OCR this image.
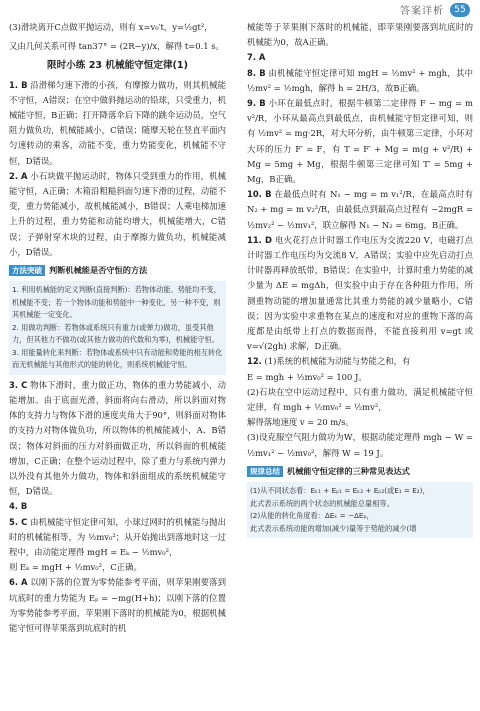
答案详析	55

(3)滑块离开C点做平抛运动，则有 x=v₀′t，y=½gt²，

又由几何关系可得 tan37° = (2R−y)/x，解得 t=0.1 s。

限时小练 23 机械能守恒定律(1)

1. B 沿滑梯匀速下滑的小孩，有摩擦力做功，则其机械能不守恒，A错误；在空中做斜抛运动的铅球，只受重力，机械能守恒，B正确；打开降落伞后下降的跳伞运动员，空气阻力做负功，机械能减小，C错误；随摩天轮在竖直平面内匀速转动的乘客，动能不变，重力势能变化，机械能不守恒，D错误。

2. A 小石块做平抛运动时，物体只受到重力的作用，机械能守恒，A正确；木箱沿粗糙斜面匀速下滑的过程，动能不变，重力势能减小，故机械能减小，B错误；人乘电梯加速上升的过程，重力势能和动能均增大，机械能增大，C错误；子弹射穿木块的过程，由于摩擦力做负功，机械能减小，D错误。

方法突破 判断机械能是否守恒的方法
1. 利用机械能的定义判断(直接判断)：若物体动能、势能均不变，机械能不变；若一个物体动能和势能中一种变化，另一种不变，则其机械能一定变化。
2. 用做功判断：若物体或系统只有重力(或弹力)做功，虽受其他力，但其他力不做功(或其他力做功的代数和为零)，机械能守恒。
3. 用能量转化来判断：若物体或系统中只有动能和势能的相互转化而无机械能与其他形式的能的转化，则系统机械能守恒。

3. C 物体下滑时，重力做正功，物体的重力势能减小，动能增加。由于底面光滑，斜面将向右滑动，所以斜面对物体的支持力与物体下滑的速度夹角大于90°，则斜面对物体的支持力对物体做负功，所以物体的机械能减小，A、B错误；物体对斜面的压力对斜面做正功，所以斜面的机械能增加，C正确；在整个运动过程中，除了重力与系统内弹力以外没有其他外力做功，物体和斜面组成的系统机械能守恒，D错误。

4. B

5. C 由机械能守恒定律可知，小球过网时的机械能与抛出时的机械能相等，为 ½mv₀²；从开始抛出到落地时这一过程中，由动能定理得 mgH = Eₖ − ½mv₀²，

则 Eₖ = mgH + ½mv₀²，C正确。

6. A 以刚下落的位置为零势能参考平面，则苹果刚要落到坑底时的重力势能为 Eₚ = −mg(H+h)；以刚下落的位置为零势能参考平面，苹果刚下落时的机械能为0，根据机械能守恒可得苹果落到坑底时的机

械能等于苹果刚下落时的机械能，即苹果刚要落到坑底时的机械能为0，故A正确。

7. A

8. B 由机械能守恒定律可知 mgH = ½mv² + mgh，其中 ½mv² = ½mgh，解得 h = 2H/3，故B正确。

9. B 小环在最低点时，根据牛顿第二定律得 F − mg = m v²/R，小环从最高点到最低点，由机械能守恒定律可知，则有 ½mv² = mg·2R，对大环分析，由牛顿第三定律，小环对大环的压力 F′ = F，有 T = F′ + Mg = m(g + v²/R) + Mg = 5mg + Mg，根据牛顿第三定律可知 T′ = 5mg + Mg，B正确。

10. B 在最低点时有 N₁ − mg = m v₁²/R，在最高点时有 N₂ + mg = m v₂²/R，由最低点到最高点过程有 −2mgR = ½mv₂² − ½mv₁²，联立解得 N₁ − N₂ = 6mg，B正确。

11. D 电火花打点计时器工作电压为交流220 V，电磁打点计时器工作电压均为交流8 V，A错误；实验中应先启动打点计时器再释放纸带，B错误；在实验中，计算时重力势能的减少量为 ΔE = mgΔh，但实验中由于存在各种阻力作用，所测重物动能的增加量通常比其重力势能的减少量略小，C错误；因为实验中求重物在某点的速度和对应的重物下落的高度都是由纸带上打点的数据而得，不能直接利用 v=gt 或 v=√(2gh) 求解，D正确。

12. (1)系统的机械能为动能与势能之和，有

E = mgh + ½mv₀² = 100 J。

(2)石块在空中运动过程中，只有重力做功，满足机械能守恒定律，有 mgh + ½mv₀² = ½mv²，

解得落地速度 v = 20 m/s。

(3)设克服空气阻力做功为W，根据动能定理得 mgh − W = ½mv₁² − ½mv₀²，解得 W = 19 J。

规律总结 机械能守恒定律的三种常见表达式
(1)从不同状态看：Eₖ₁ + Eₚ₁ = Eₖ₂ + Eₚ₂(或E₁ = E₂)，
此式表示系统的两个状态的机械能总量相等。
(2)从能的转化角度看：ΔEₖ = −ΔEₚ，
此式表示系统动能的增加(减少)量等于势能的减少(增
